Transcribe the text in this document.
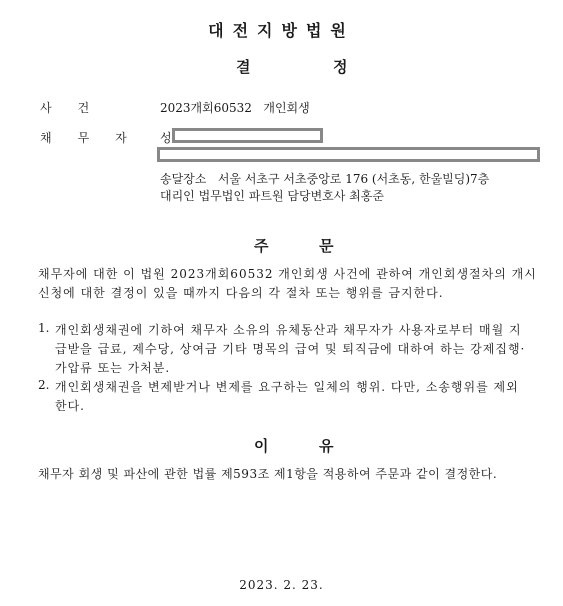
대전지방법원
결	정
사건	2023개회60532 개인회생
채무자 성
송달장소 서울 서초구 서초중앙로 176 (서초동, 한울빌딩)7층
대리인 법무법인 파트원 담당변호사 최홍준
주	문
채무자에 대한 이 법원 2023개회60532 개인회생 사건에 관하여 개인회생절차의 개시
신청에 대한 결정이 있을 때까지 다음의 각 절차 또는 행위를 금지한다.
1. 개인회생채권에 기하여 채무자 소유의 유체동산과 채무자가 사용자로부터 매월 지
급받을 급료, 제수당, 상여금 기타 명목의 급여 및 퇴직금에 대하여 하는 강제집행·
가압류 또는 가처분.
2. 개인회생채권을 변제받거나 변제를 요구하는 일체의 행위. 다만, 소송행위를 제외
한다.
이	유
채무자 회생 및 파산에 관한 법률 제593조 제1항을 적용하여 주문과 같이 결정한다.
2023. 2. 23.
